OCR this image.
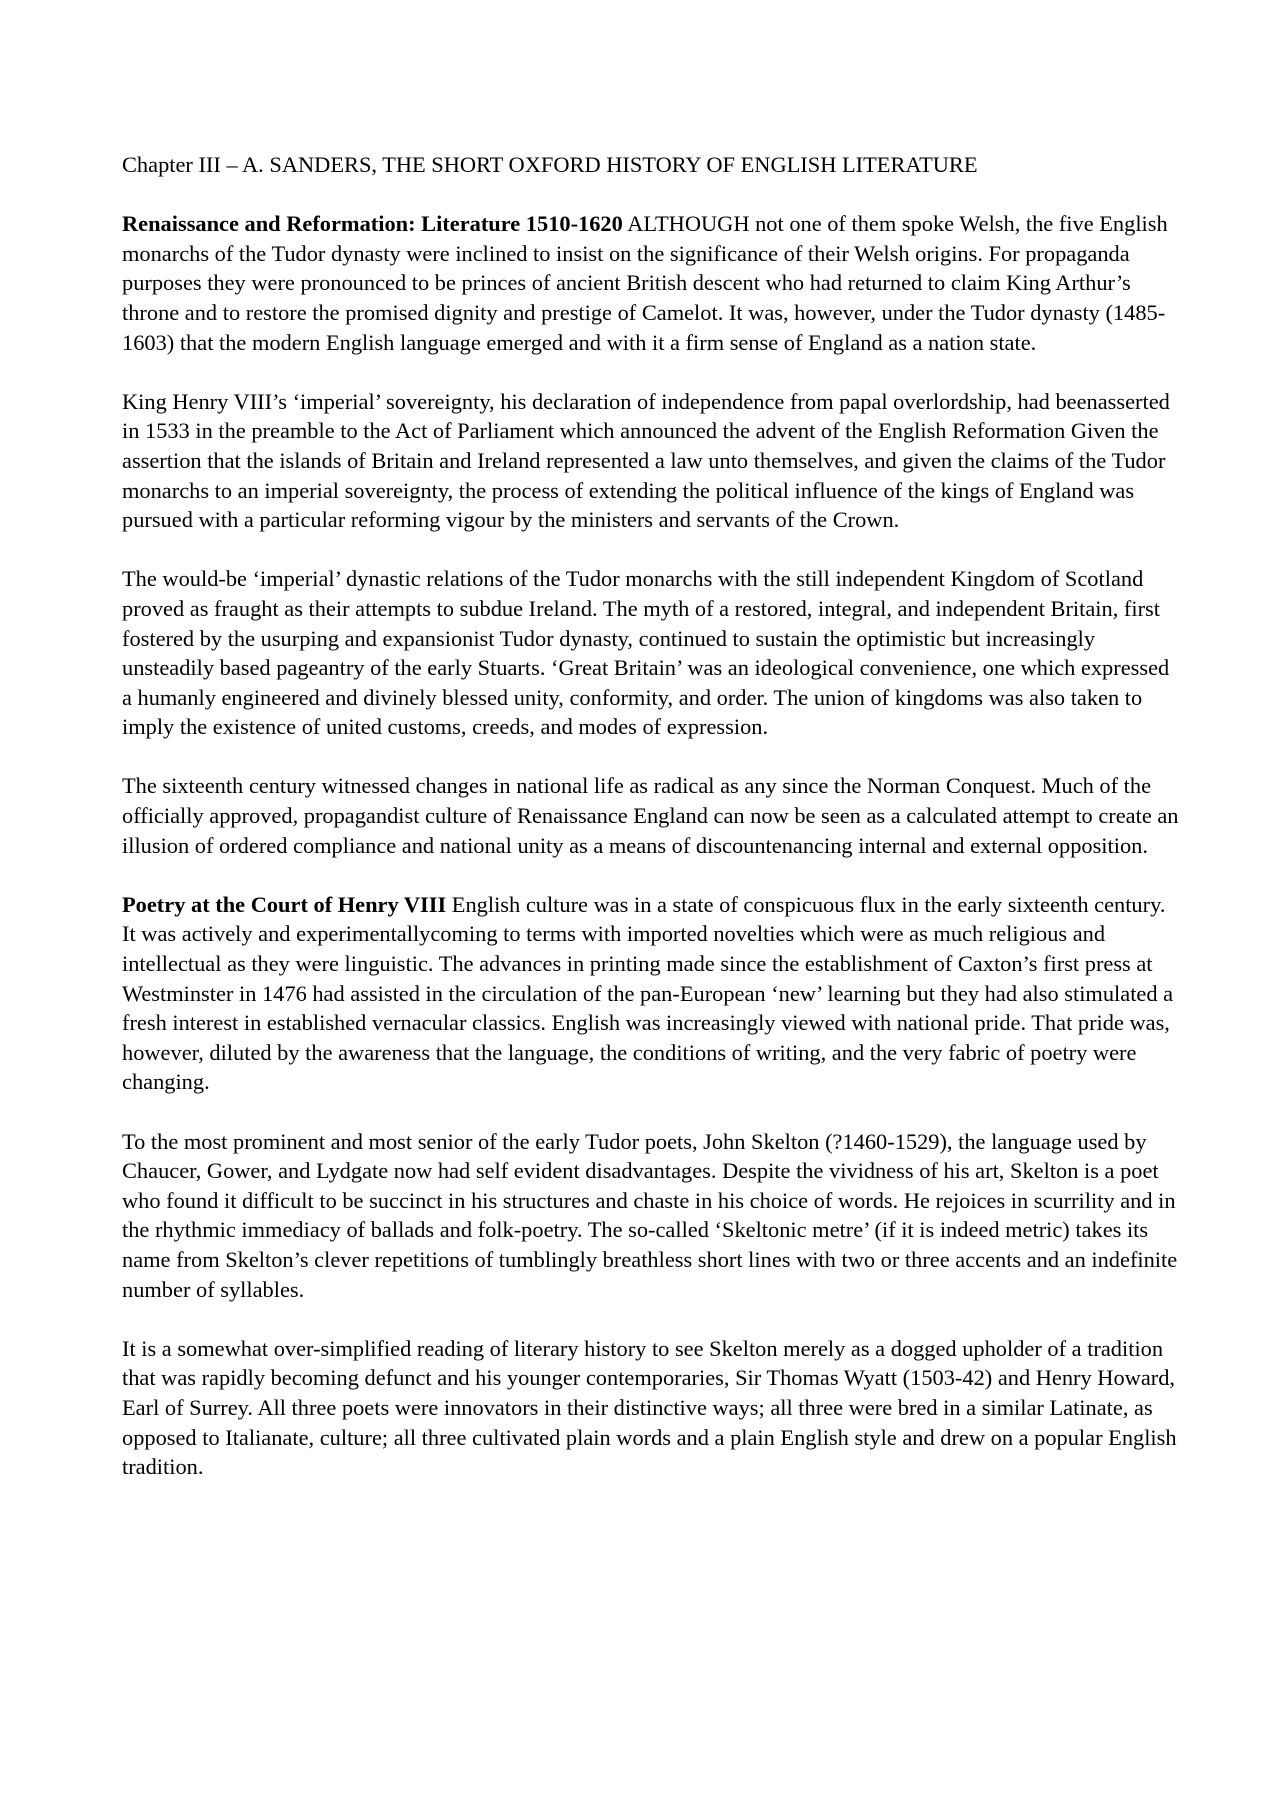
Chapter III – A. SANDERS, THE SHORT OXFORD HISTORY OF ENGLISH LITERATURE

Renaissance and Reformation: Literature 1510-1620 ALTHOUGH not one of them spoke Welsh, the five English monarchs of the Tudor dynasty were inclined to insist on the significance of their Welsh origins. For propaganda purposes they were pronounced to be princes of ancient British descent who had returned to claim King Arthur’s throne and to restore the promised dignity and prestige of Camelot. It was, however, under the Tudor dynasty (1485-1603) that the modern English language emerged and with it a firm sense of England as a nation state.

King Henry VIII’s ‘imperial’ sovereignty, his declaration of independence from papal overlordship, had beenasserted in 1533 in the preamble to the Act of Parliament which announced the advent of the English Reformation Given the assertion that the islands of Britain and Ireland represented a law unto themselves, and given the claims of the Tudor monarchs to an imperial sovereignty, the process of extending the political influence of the kings of England was pursued with a particular reforming vigour by the ministers and servants of the Crown.

The would-be ‘imperial’ dynastic relations of the Tudor monarchs with the still independent Kingdom of Scotland proved as fraught as their attempts to subdue Ireland. The myth of a restored, integral, and independent Britain, first fostered by the usurping and expansionist Tudor dynasty, continued to sustain the optimistic but increasingly unsteadily based pageantry of the early Stuarts. ‘Great Britain’ was an ideological convenience, one which expressed a humanly engineered and divinely blessed unity, conformity, and order. The union of kingdoms was also taken to imply the existence of united customs, creeds, and modes of expression.

The sixteenth century witnessed changes in national life as radical as any since the Norman Conquest. Much of the officially approved, propagandist culture of Renaissance England can now be seen as a calculated attempt to create an illusion of ordered compliance and national unity as a means of discountenancing internal and external opposition.

Poetry at the Court of Henry VIII English culture was in a state of conspicuous flux in the early sixteenth century. It was actively and experimentallycoming to terms with imported novelties which were as much religious and intellectual as they were linguistic. The advances in printing made since the establishment of Caxton’s first press at Westminster in 1476 had assisted in the circulation of the pan-European ‘new’ learning but they had also stimulated a fresh interest in established vernacular classics. English was increasingly viewed with national pride. That pride was, however, diluted by the awareness that the language, the conditions of writing, and the very fabric of poetry were changing.

To the most prominent and most senior of the early Tudor poets, John Skelton (?1460-1529), the language used by Chaucer, Gower, and Lydgate now had self evident disadvantages. Despite the vividness of his art, Skelton is a poet who found it difficult to be succinct in his structures and chaste in his choice of words. He rejoices in scurrility and in the rhythmic immediacy of ballads and folk-poetry. The so-called ‘Skeltonic metre’ (if it is indeed metric) takes its name from Skelton’s clever repetitions of tumblingly breathless short lines with two or three accents and an indefinite number of syllables.

It is a somewhat over-simplified reading of literary history to see Skelton merely as a dogged upholder of a tradition that was rapidly becoming defunct and his younger contemporaries, Sir Thomas Wyatt (1503-42) and Henry Howard, Earl of Surrey. All three poets were innovators in their distinctive ways; all three were bred in a similar Latinate, as opposed to Italianate, culture; all three cultivated plain words and a plain English style and drew on a popular English tradition.
